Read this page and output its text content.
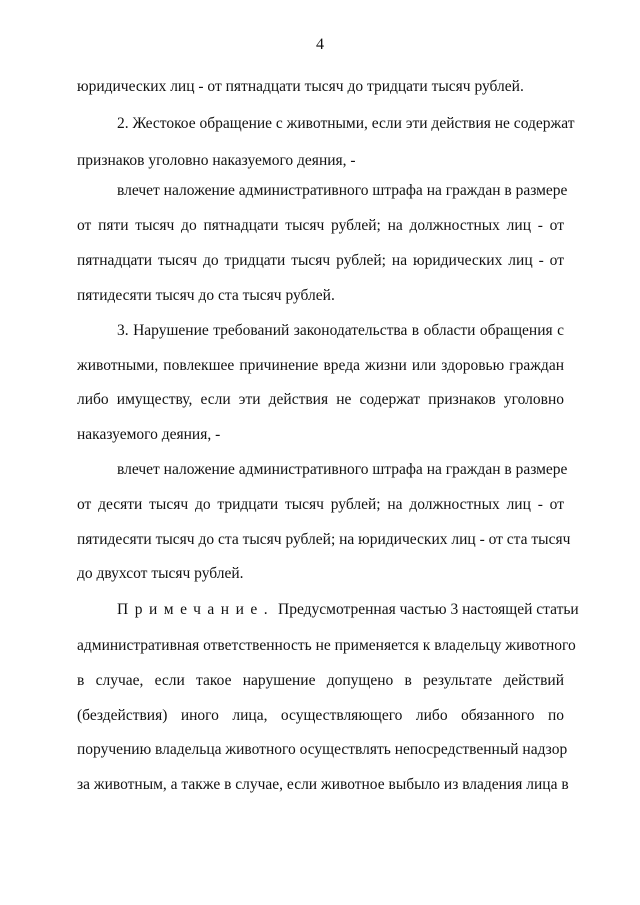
4
юридических лиц - от пятнадцати тысяч до тридцати тысяч рублей.
2. Жестокое обращение с животными, если эти действия не содержат
признаков уголовно наказуемого деяния, -
влечет наложение административного штрафа на граждан в размере
от пяти тысяч до пятнадцати тысяч рублей; на должностных лиц - от
пятнадцати тысяч до тридцати тысяч рублей; на юридических лиц - от
пятидесяти тысяч до ста тысяч рублей.
3. Нарушение требований законодательства в области обращения с
животными, повлекшее причинение вреда жизни или здоровью граждан
либо имуществу, если эти действия не содержат признаков уголовно
наказуемого деяния, -
влечет наложение административного штрафа на граждан в размере
от десяти тысяч до тридцати тысяч рублей; на должностных лиц - от
пятидесяти тысяч до ста тысяч рублей; на юридических лиц - от ста тысяч
до двухсот тысяч рублей.
Примечание. Предусмотренная частью 3 настоящей статьи
административная ответственность не применяется к владельцу животного
в случае, если такое нарушение допущено в результате действий
(бездействия) иного лица, осуществляющего либо обязанного по
поручению владельца животного осуществлять непосредственный надзор
за животным, а также в случае, если животное выбыло из владения лица в
